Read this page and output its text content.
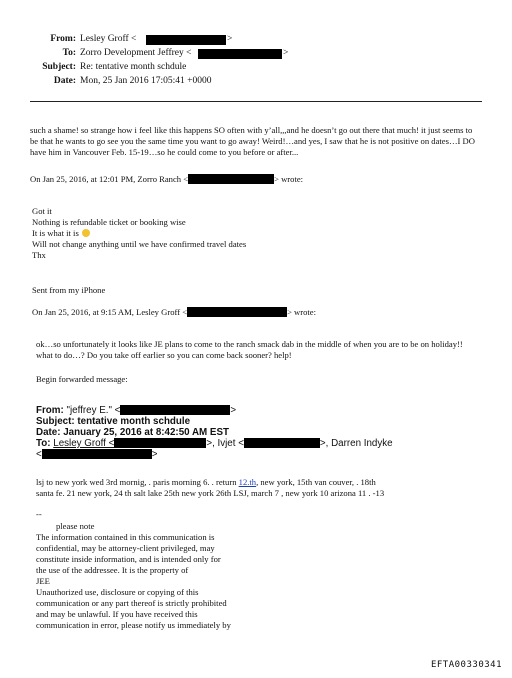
From: Lesley Groff <	>
To: Zorro Development Jeffrey <	>
Subject: Re: tentative month schdule
Date: Mon, 25 Jan 2016 17:05:41 +0000
such a shame! so strange how i feel like this happens SO often with y’all,,,and he doesn’t go out there that much! it just seems to be that he wants to go see you the same time you want to go away! Weird!…and yes, I saw that he is not positive on dates…I DO have him in Vancouver Feb. 15-19…so he could come to you before or after...
On Jan 25, 2016, at 12:01 PM, Zorro Ranch <	> wrote:
Got it
Nothing is refundable ticket or booking wise
It is what it is
Will not change anything until we have confirmed travel dates
Thx
Sent from my iPhone
On Jan 25, 2016, at 9:15 AM, Lesley Groff <	> wrote:
ok…so unfortunately it looks like JE plans to come to the ranch smack dab in the middle of when you are to be on holiday!! what to do…? Do you take off earlier so you can come back sooner? help!
Begin forwarded message:
From: "jeffrey E." <	>
Subject: tentative month schdule
Date: January 25, 2016 at 8:42:50 AM EST
To: Lesley Groff <	>, Ivjet <	>, Darren Indyke
<	>
lsj to new york wed 3rd mornig, . paris morning 6. . return 12.th, new york, 15th van couver, . 18th
santa fe. 21 new york, 24 th salt lake 25th new york 26th LSJ, march 7 , new york 10 arizona 11 . -13
--
please note
The information contained in this communication is
confidential, may be attorney-client privileged, may
constitute inside information, and is intended only for
the use of the addressee. It is the property of
JEE
Unauthorized use, disclosure or copying of this
communication or any part thereof is strictly prohibited
and may be unlawful. If you have received this
communication in error, please notify us immediately by
EFTA00330341
